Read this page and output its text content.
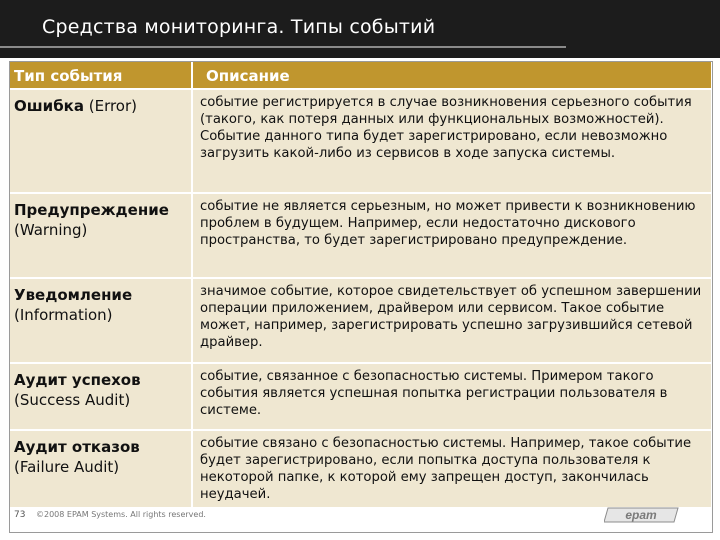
Средства мониторинга. Типы событий
Тип события	Описание
Ошибка (Error)	событие регистрируется в случае возникновения серьезного события (такого, как потеря данных или функциональных возможностей). Событие данного типа будет зарегистрировано, если невозможно загрузить какой-либо из сервисов в ходе запуска системы.

Предупреждение
(Warning)	событие не является серьезным, но может привести к возникновению проблем в будущем. Например, если недостаточно дискового пространства, то будет зарегистрировано предупреждение.

Уведомление
(Information)	значимое событие, которое свидетельствует об успешном завершении операции приложением, драйвером или сервисом. Такое событие может, например, зарегистрировать успешно загрузившийся сетевой драйвер.

Аудит успехов
(Success Audit)	событие, связанное с безопасностью системы. Примером такого события является успешная попытка регистрации пользователя в системе.

Аудит отказов
(Failure Audit)	событие связано с безопасностью системы. Например, такое событие будет зарегистрировано, если попытка доступа пользователя к некоторой папке, к которой ему запрещен доступ, закончилась неудачей.
73 ©2008 EPAM Systems. All rights reserved.	epam
